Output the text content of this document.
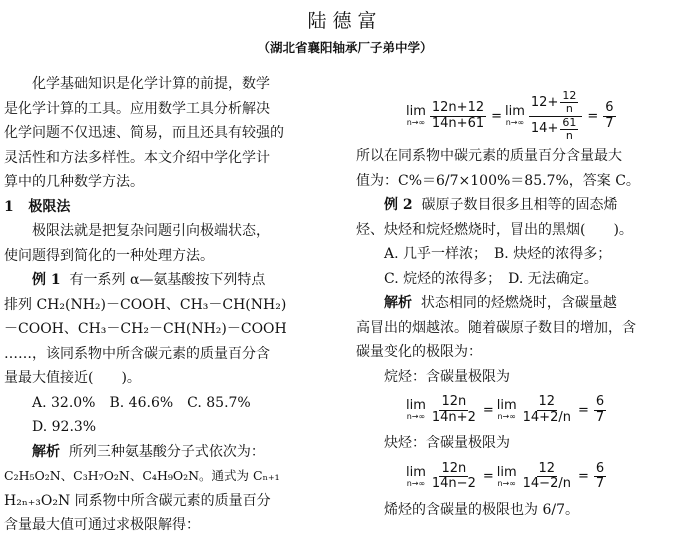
陆德富
（湖北省襄阳轴承厂子弟中学）
化学基础知识是化学计算的前提，数学
是化学计算的工具。应用数学工具分析解决
化学问题不仅迅速、简易，而且还具有较强的
灵活性和方法多样性。本文介绍中学化学计
算中的几种数学方法。
1 极限法
极限法就是把复杂问题引向极端状态，
使问题得到简化的一种处理方法。
例 1 有一系列 α—氨基酸按下列特点
排列 CH₂(NH₂)－COOH、CH₃－CH(NH₂)
－COOH、CH₃－CH₂－CH(NH₂)－COOH
……，该同系物中所含碳元素的质量百分含
量最大值接近(　　)。
A. 32.0%　B. 46.6%　C. 85.7%
D. 92.3%
解析 所列三种氨基酸分子式依次为：
C₂H₅O₂N、C₃H₇O₂N、C₄H₉O₂N。通式为 Cₙ₊₁
H₂ₙ₊₃O₂N 同系物中所含碳元素的质量百分
含量最大值可通过求极限解得：
lim
$n\to\infty \frac{12n+12}{14n+61} = \lim$
$n\to\infty \frac{12+ \frac{12}{n}}{14+ \frac{61}{n}} = \frac{6}{7}$
所以在同系物中碳元素的质量百分含量最大
值为：C%＝6/7×100%＝85.7%，答案 C。
例 2 碳原子数目很多且相等的固态烯
烃、炔烃和烷烃燃烧时，冒出的黑烟(　　)。
A. 几乎一样浓；　B. 炔烃的浓得多；
C. 烷烃的浓得多；　D. 无法确定。
解析 状态相同的烃燃烧时，含碳量越
高冒出的烟越浓。随着碳原子数目的增加，含
碳量变化的极限为：
烷烃：含碳量极限为
lim
$n\to\infty \frac{12n}{14n+2} = \lim$
$n\to\infty \frac{12}{14+2/n} = \frac{6}{7}$
炔烃：含碳量极限为
lim
$n\to\infty \frac{12n}{14n-2} = \lim$
$n\to\infty \frac{12}{14-2/n} = \frac{6}{7}$
烯烃的含碳量的极限也为 6/7。
